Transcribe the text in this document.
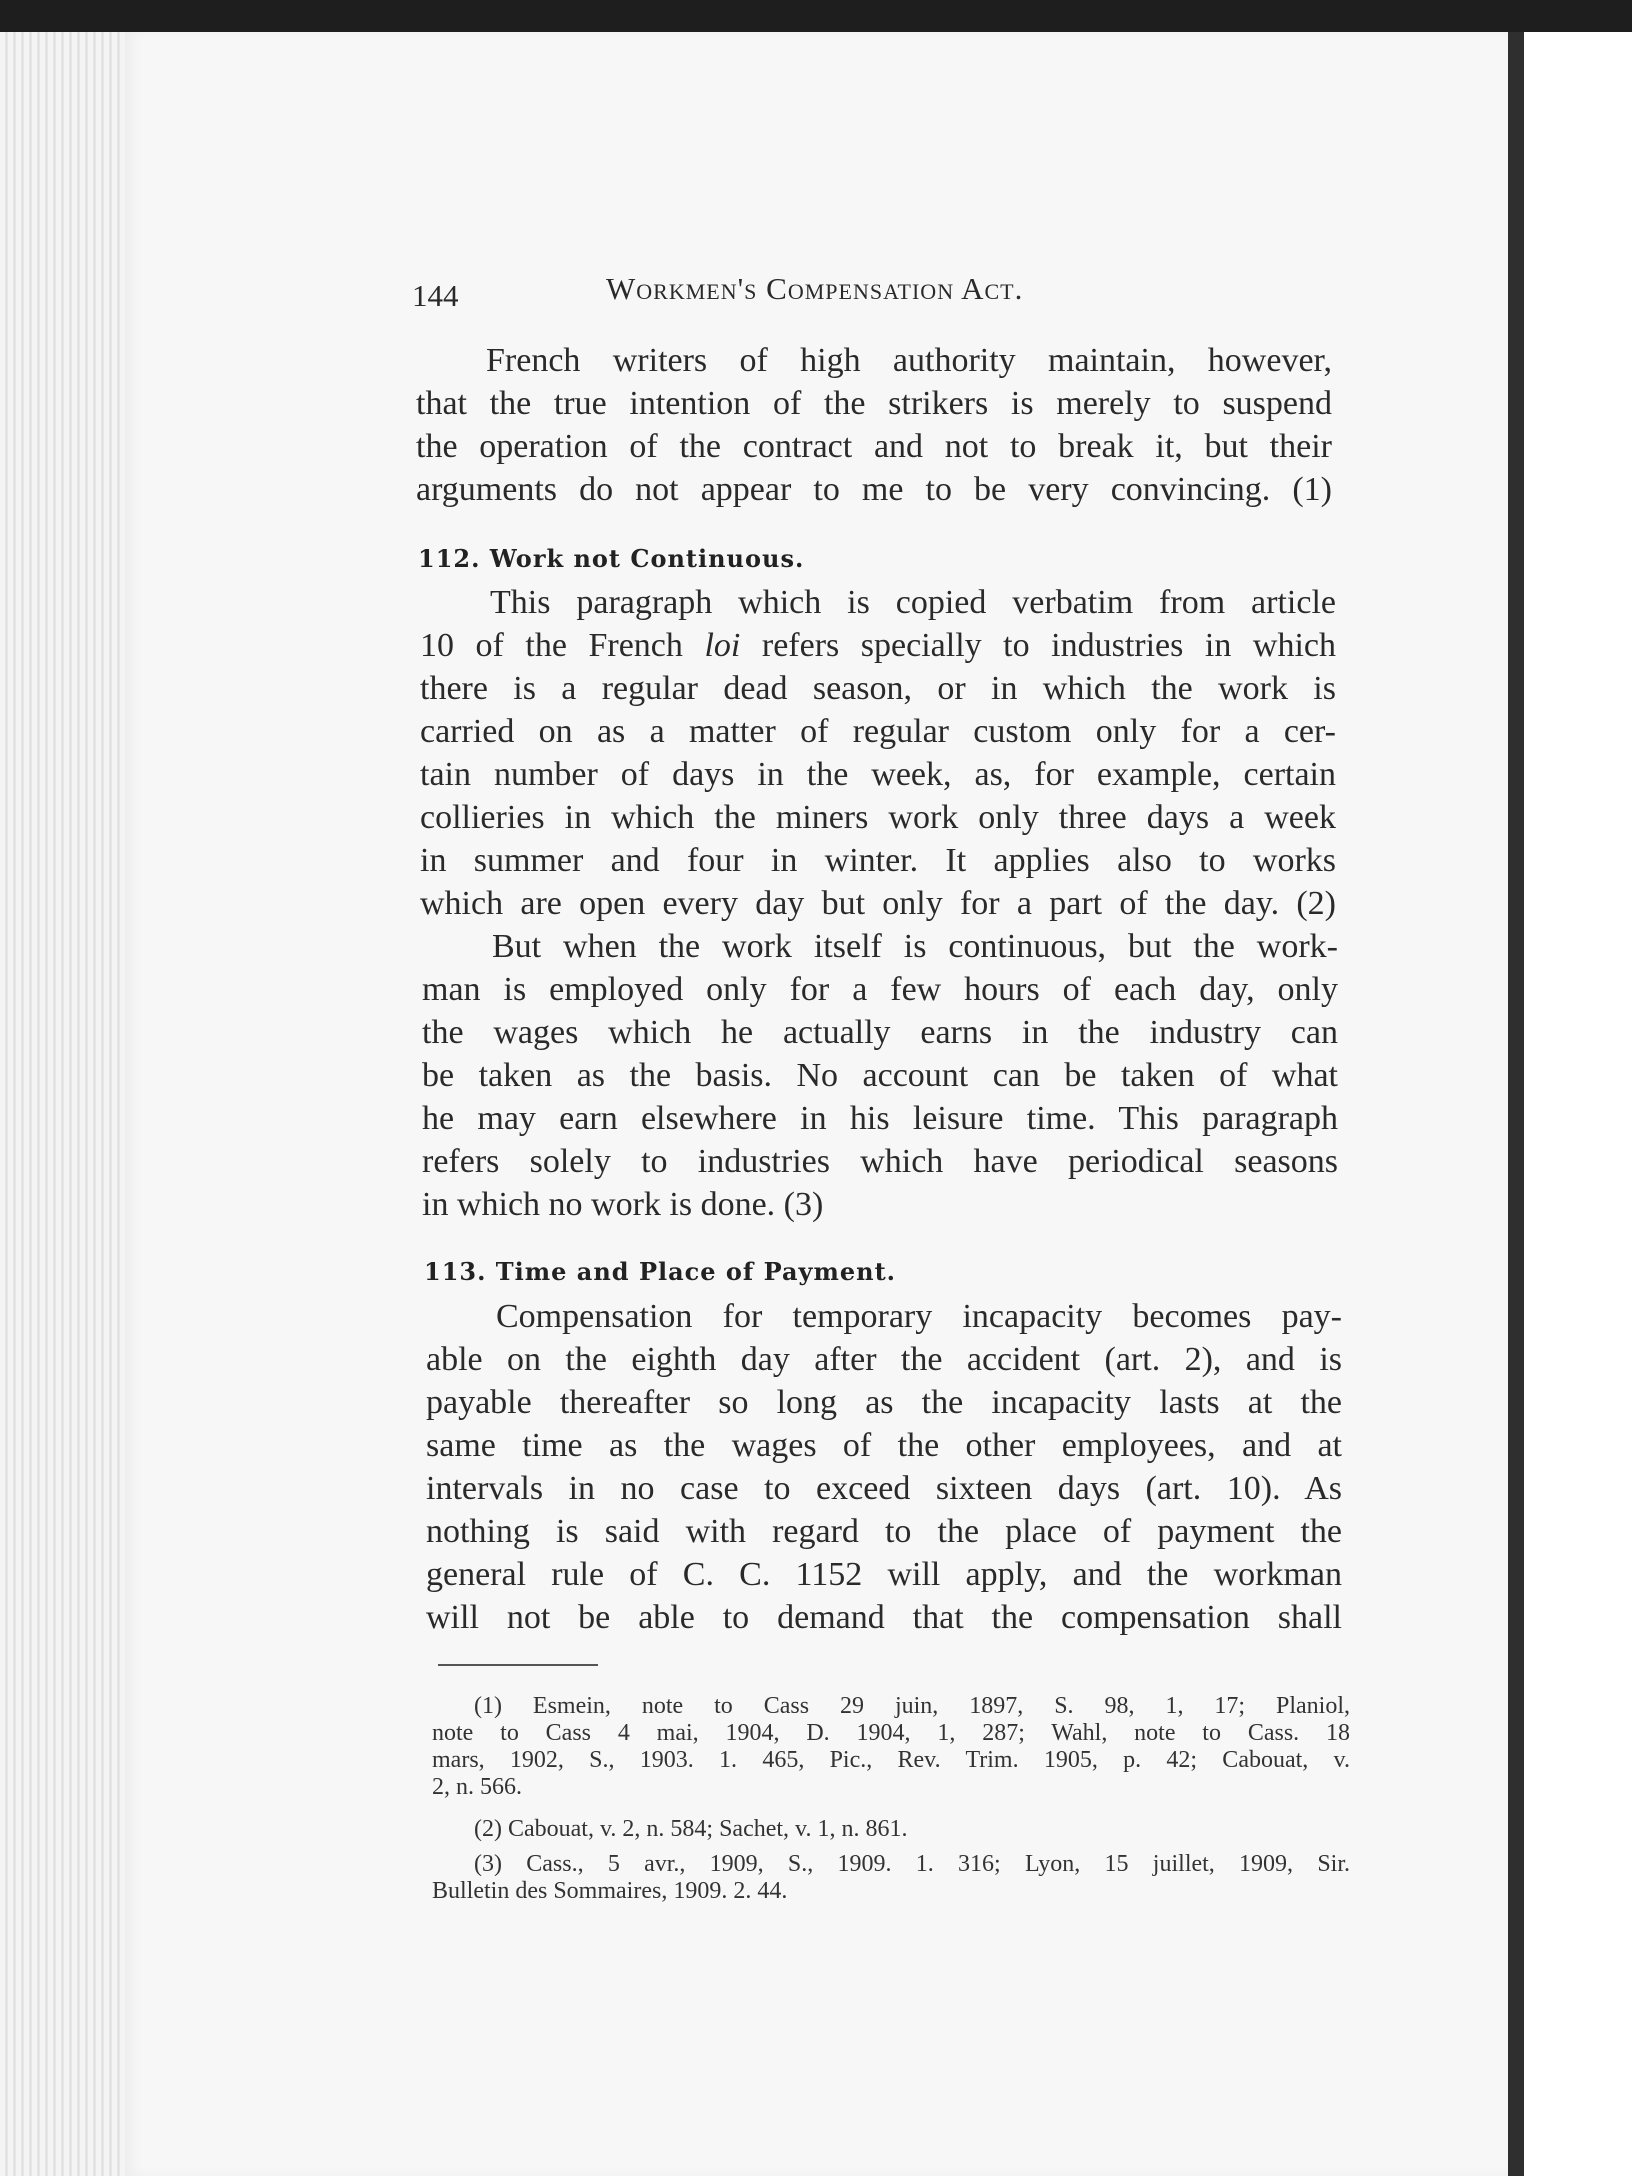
144	Workmen's Compensation Act.
French writers of high authority maintain, however,
that the true intention of the strikers is merely to suspend
the operation of the contract and not to break it, but their
arguments do not appear to me to be very convincing. (1)
112. Work not Continuous.
This paragraph which is copied verbatim from article
10 of the French loi refers specially to industries in which
there is a regular dead season, or in which the work is
carried on as a matter of regular custom only for a cer-
tain number of days in the week, as, for example, certain
collieries in which the miners work only three days a week
in summer and four in winter. It applies also to works
which are open every day but only for a part of the day. (2)
But when the work itself is continuous, but the work-
man is employed only for a few hours of each day, only
the wages which he actually earns in the industry can
be taken as the basis. No account can be taken of what
he may earn elsewhere in his leisure time. This paragraph
refers solely to industries which have periodical seasons
in which no work is done. (3)
113. Time and Place of Payment.
Compensation for temporary incapacity becomes pay-
able on the eighth day after the accident (art. 2), and is
payable thereafter so long as the incapacity lasts at the
same time as the wages of the other employees, and at
intervals in no case to exceed sixteen days (art. 10). As
nothing is said with regard to the place of payment the
general rule of C. C. 1152 will apply, and the workman
will not be able to demand that the compensation shall
(1) Esmein, note to Cass 29 juin, 1897, S. 98, 1, 17; Planiol,
note to Cass 4 mai, 1904, D. 1904, 1, 287; Wahl, note to Cass. 18
mars, 1902, S., 1903. 1. 465, Pic., Rev. Trim. 1905, p. 42; Cabouat, v.
2, n. 566.
(2) Cabouat, v. 2, n. 584; Sachet, v. 1, n. 861.
(3) Cass., 5 avr., 1909, S., 1909. 1. 316; Lyon, 15 juillet, 1909, Sir.
Bulletin des Sommaires, 1909. 2. 44.
